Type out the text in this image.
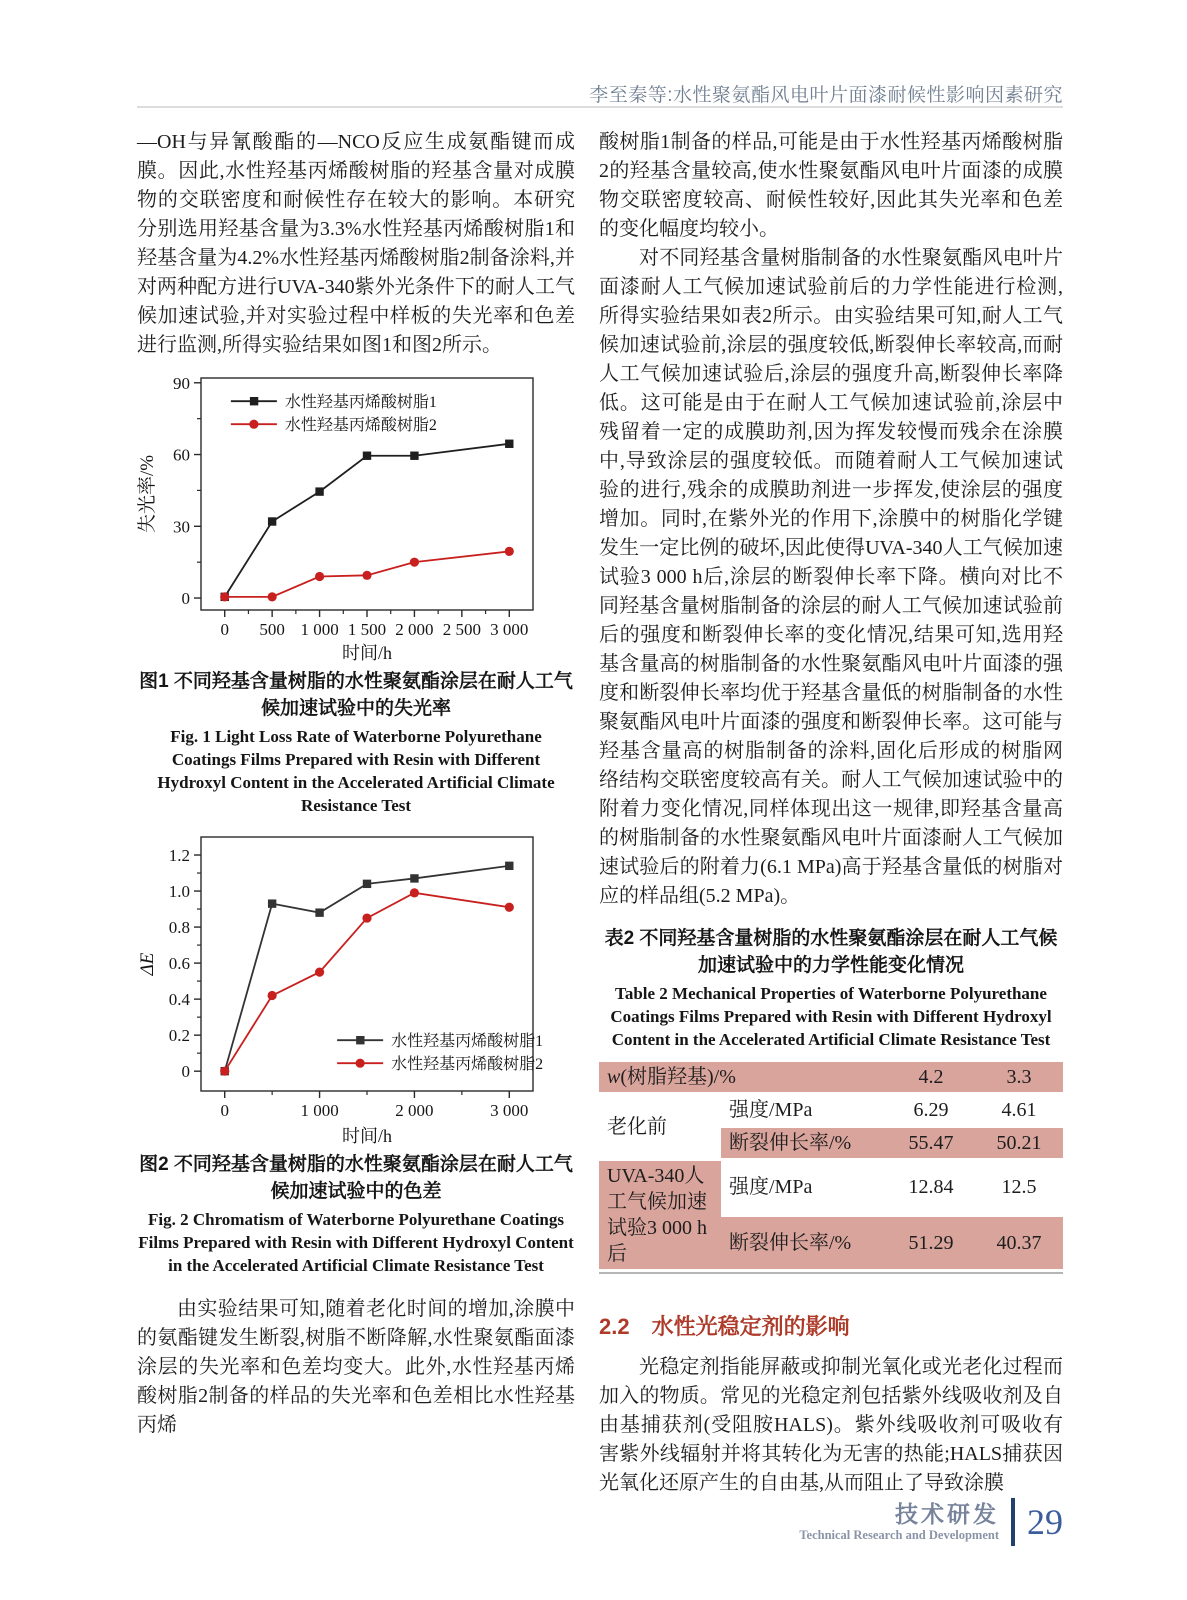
李至秦等:水性聚氨酯风电叶片面漆耐候性影响因素研究

—OH与异氰酸酯的—NCO反应生成氨酯键而成膜。因此,水性羟基丙烯酸树脂的羟基含量对成膜物的交联密度和耐候性存在较大的影响。本研究分别选用羟基含量为3.3%水性羟基丙烯酸树脂1和羟基含量为4.2%水性羟基丙烯酸树脂2制备涂料,并对两种配方进行UVA-340紫外光条件下的耐人工气候加速试验,并对实验过程中样板的失光率和色差进行监测,所得实验结果如图1和图2所示。

0 500 1 000 1 500 2 000 2 500 3 000
0
30
60
90
时间/h
失光率/%
水性羟基丙烯酸树脂1
水性羟基丙烯酸树脂2
图1 不同羟基含量树脂的水性聚氨酯涂层在耐人工气候加速试验中的失光率
Fig. 1 Light Loss Rate of Waterborne Polyurethane Coatings Films Prepared with Resin with Different Hydroxyl Content in the Accelerated Artificial Climate Resistance Test
0	1 000	2 000	3 000
0
0.2
0.4
0.6
0.8
1.0
1.2
时间/h
ΔE
水性羟基丙烯酸树脂1
水性羟基丙烯酸树脂2
图2 不同羟基含量树脂的水性聚氨酯涂层在耐人工气候加速试验中的色差
Fig. 2 Chromatism of Waterborne Polyurethane Coatings Films Prepared with Resin with Different Hydroxyl Content in the Accelerated Artificial Climate Resistance Test

由实验结果可知,随着老化时间的增加,涂膜中的氨酯键发生断裂,树脂不断降解,水性聚氨酯面漆涂层的失光率和色差均变大。此外,水性羟基丙烯酸树脂2制备的样品的失光率和色差相比水性羟基丙烯

酸树脂1制备的样品,可能是由于水性羟基丙烯酸树脂2的羟基含量较高,使水性聚氨酯风电叶片面漆的成膜物交联密度较高、耐候性较好,因此其失光率和色差的变化幅度均较小。

对不同羟基含量树脂制备的水性聚氨酯风电叶片面漆耐人工气候加速试验前后的力学性能进行检测,所得实验结果如表2所示。由实验结果可知,耐人工气候加速试验前,涂层的强度较低,断裂伸长率较高,而耐人工气候加速试验后,涂层的强度升高,断裂伸长率降低。这可能是由于在耐人工气候加速试验前,涂层中残留着一定的成膜助剂,因为挥发较慢而残余在涂膜中,导致涂层的强度较低。而随着耐人工气候加速试验的进行,残余的成膜助剂进一步挥发,使涂层的强度增加。同时,在紫外光的作用下,涂膜中的树脂化学键发生一定比例的破坏,因此使得UVA-340人工气候加速试验3 000 h后,涂层的断裂伸长率下降。横向对比不同羟基含量树脂制备的涂层的耐人工气候加速试验前后的强度和断裂伸长率的变化情况,结果可知,选用羟基含量高的树脂制备的水性聚氨酯风电叶片面漆的强度和断裂伸长率均优于羟基含量低的树脂制备的水性聚氨酯风电叶片面漆的强度和断裂伸长率。这可能与羟基含量高的树脂制备的涂料,固化后形成的树脂网络结构交联密度较高有关。耐人工气候加速试验中的附着力变化情况,同样体现出这一规律,即羟基含量高的树脂制备的水性聚氨酯风电叶片面漆耐人工气候加速试验后的附着力(6.1 MPa)高于羟基含量低的树脂对应的样品组(5.2 MPa)。

表2 不同羟基含量树脂的水性聚氨酯涂层在耐人工气候加速试验中的力学性能变化情况
Table 2 Mechanical Properties of Waterborne Polyurethane Coatings Films Prepared with Resin with Different Hydroxyl Content in the Accelerated Artificial Climate Resistance Test
w(树脂羟基)/%		4.2	3.3
老化前	强度/MPa	6.29	4.61
	断裂伸长率/%	55.47	50.21
UVA-340人工气候加速试验3 000 h后	强度/MPa	12.84	12.5
	断裂伸长率/%	51.29	40.37
2.2 水性光稳定剂的影响

光稳定剂指能屏蔽或抑制光氧化或光老化过程而加入的物质。常见的光稳定剂包括紫外线吸收剂及自由基捕获剂(受阻胺HALS)。紫外线吸收剂可吸收有害紫外线辐射并将其转化为无害的热能;HALS捕获因光氧化还原产生的自由基,从而阻止了导致涂膜

技术研发
Technical Research and Development 29
